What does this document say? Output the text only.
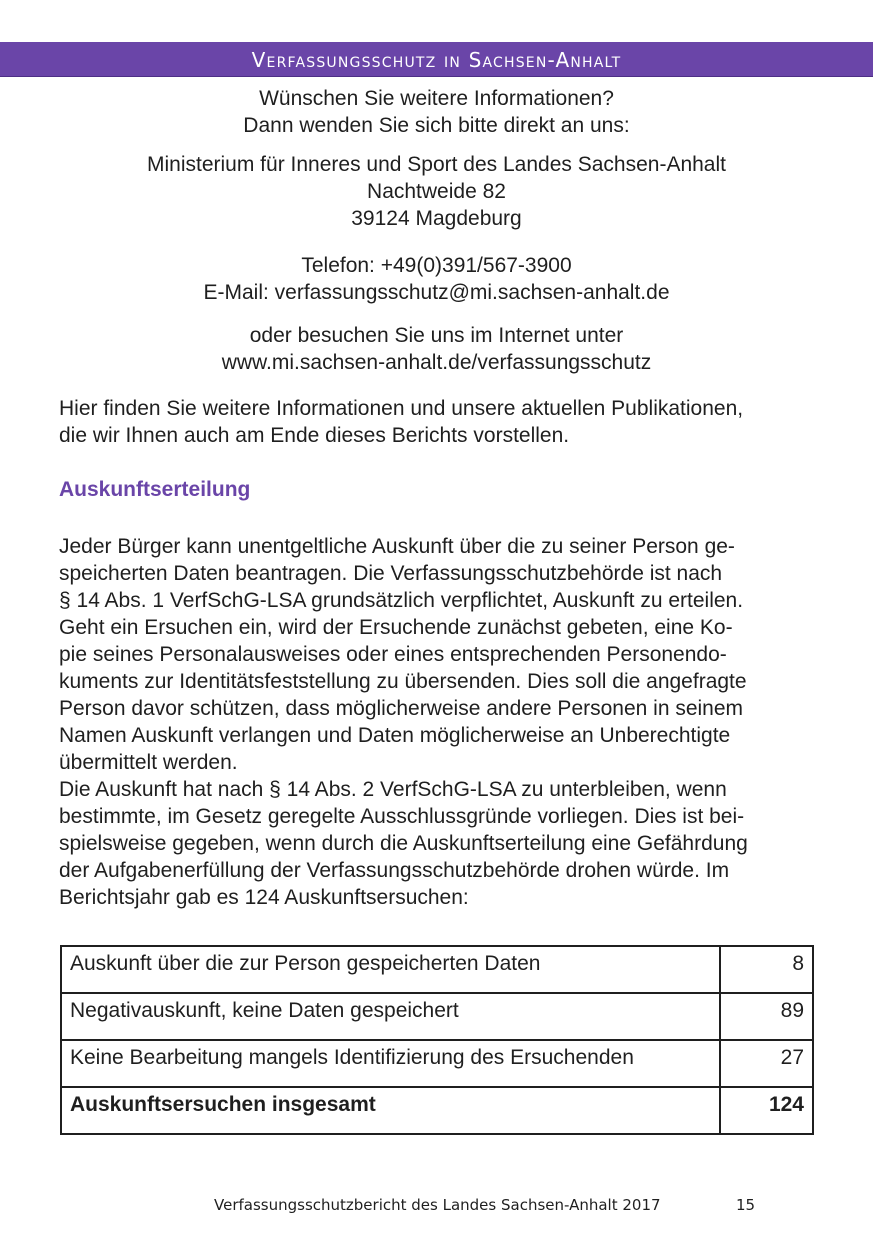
Verfassungsschutz in Sachsen-Anhalt
Wünschen Sie weitere Informationen?
Dann wenden Sie sich bitte direkt an uns:
Ministerium für Inneres und Sport des Landes Sachsen-Anhalt
Nachtweide 82
39124 Magdeburg
Telefon: +49(0)391/567-3900
E-Mail: verfassungsschutz@mi.sachsen-anhalt.de
oder besuchen Sie uns im Internet unter
www.mi.sachsen-anhalt.de/verfassungsschutz
Hier finden Sie weitere Informationen und unsere aktuellen Publikationen,
die wir Ihnen auch am Ende dieses Berichts vorstellen.
Auskunftserteilung
Jeder Bürger kann unentgeltliche Auskunft über die zu seiner Person ge-
speicherten Daten beantragen. Die Verfassungsschutzbehörde ist nach
§ 14 Abs. 1 VerfSchG-LSA grundsätzlich verpflichtet, Auskunft zu erteilen.
Geht ein Ersuchen ein, wird der Ersuchende zunächst gebeten, eine Ko-
pie seines Personalausweises oder eines entsprechenden Personendo-
kuments zur Identitätsfeststellung zu übersenden. Dies soll die angefragte
Person davor schützen, dass möglicherweise andere Personen in seinem
Namen Auskunft verlangen und Daten möglicherweise an Unberechtigte
übermittelt werden.
Die Auskunft hat nach § 14 Abs. 2 VerfSchG-LSA zu unterbleiben, wenn
bestimmte, im Gesetz geregelte Ausschlussgründe vorliegen. Dies ist bei-
spielsweise gegeben, wenn durch die Auskunftserteilung eine Gefährdung
der Aufgabenerfüllung der Verfassungsschutzbehörde drohen würde. Im
Berichtsjahr gab es 124 Auskunftsersuchen:
Auskunft über die zur Person gespeicherten Daten	8
Negativauskunft, keine Daten gespeichert	89
Keine Bearbeitung mangels Identifizierung des Ersuchenden	27
Auskunftsersuchen insgesamt	124
Verfassungsschutzbericht des Landes Sachsen-Anhalt 2017	15
